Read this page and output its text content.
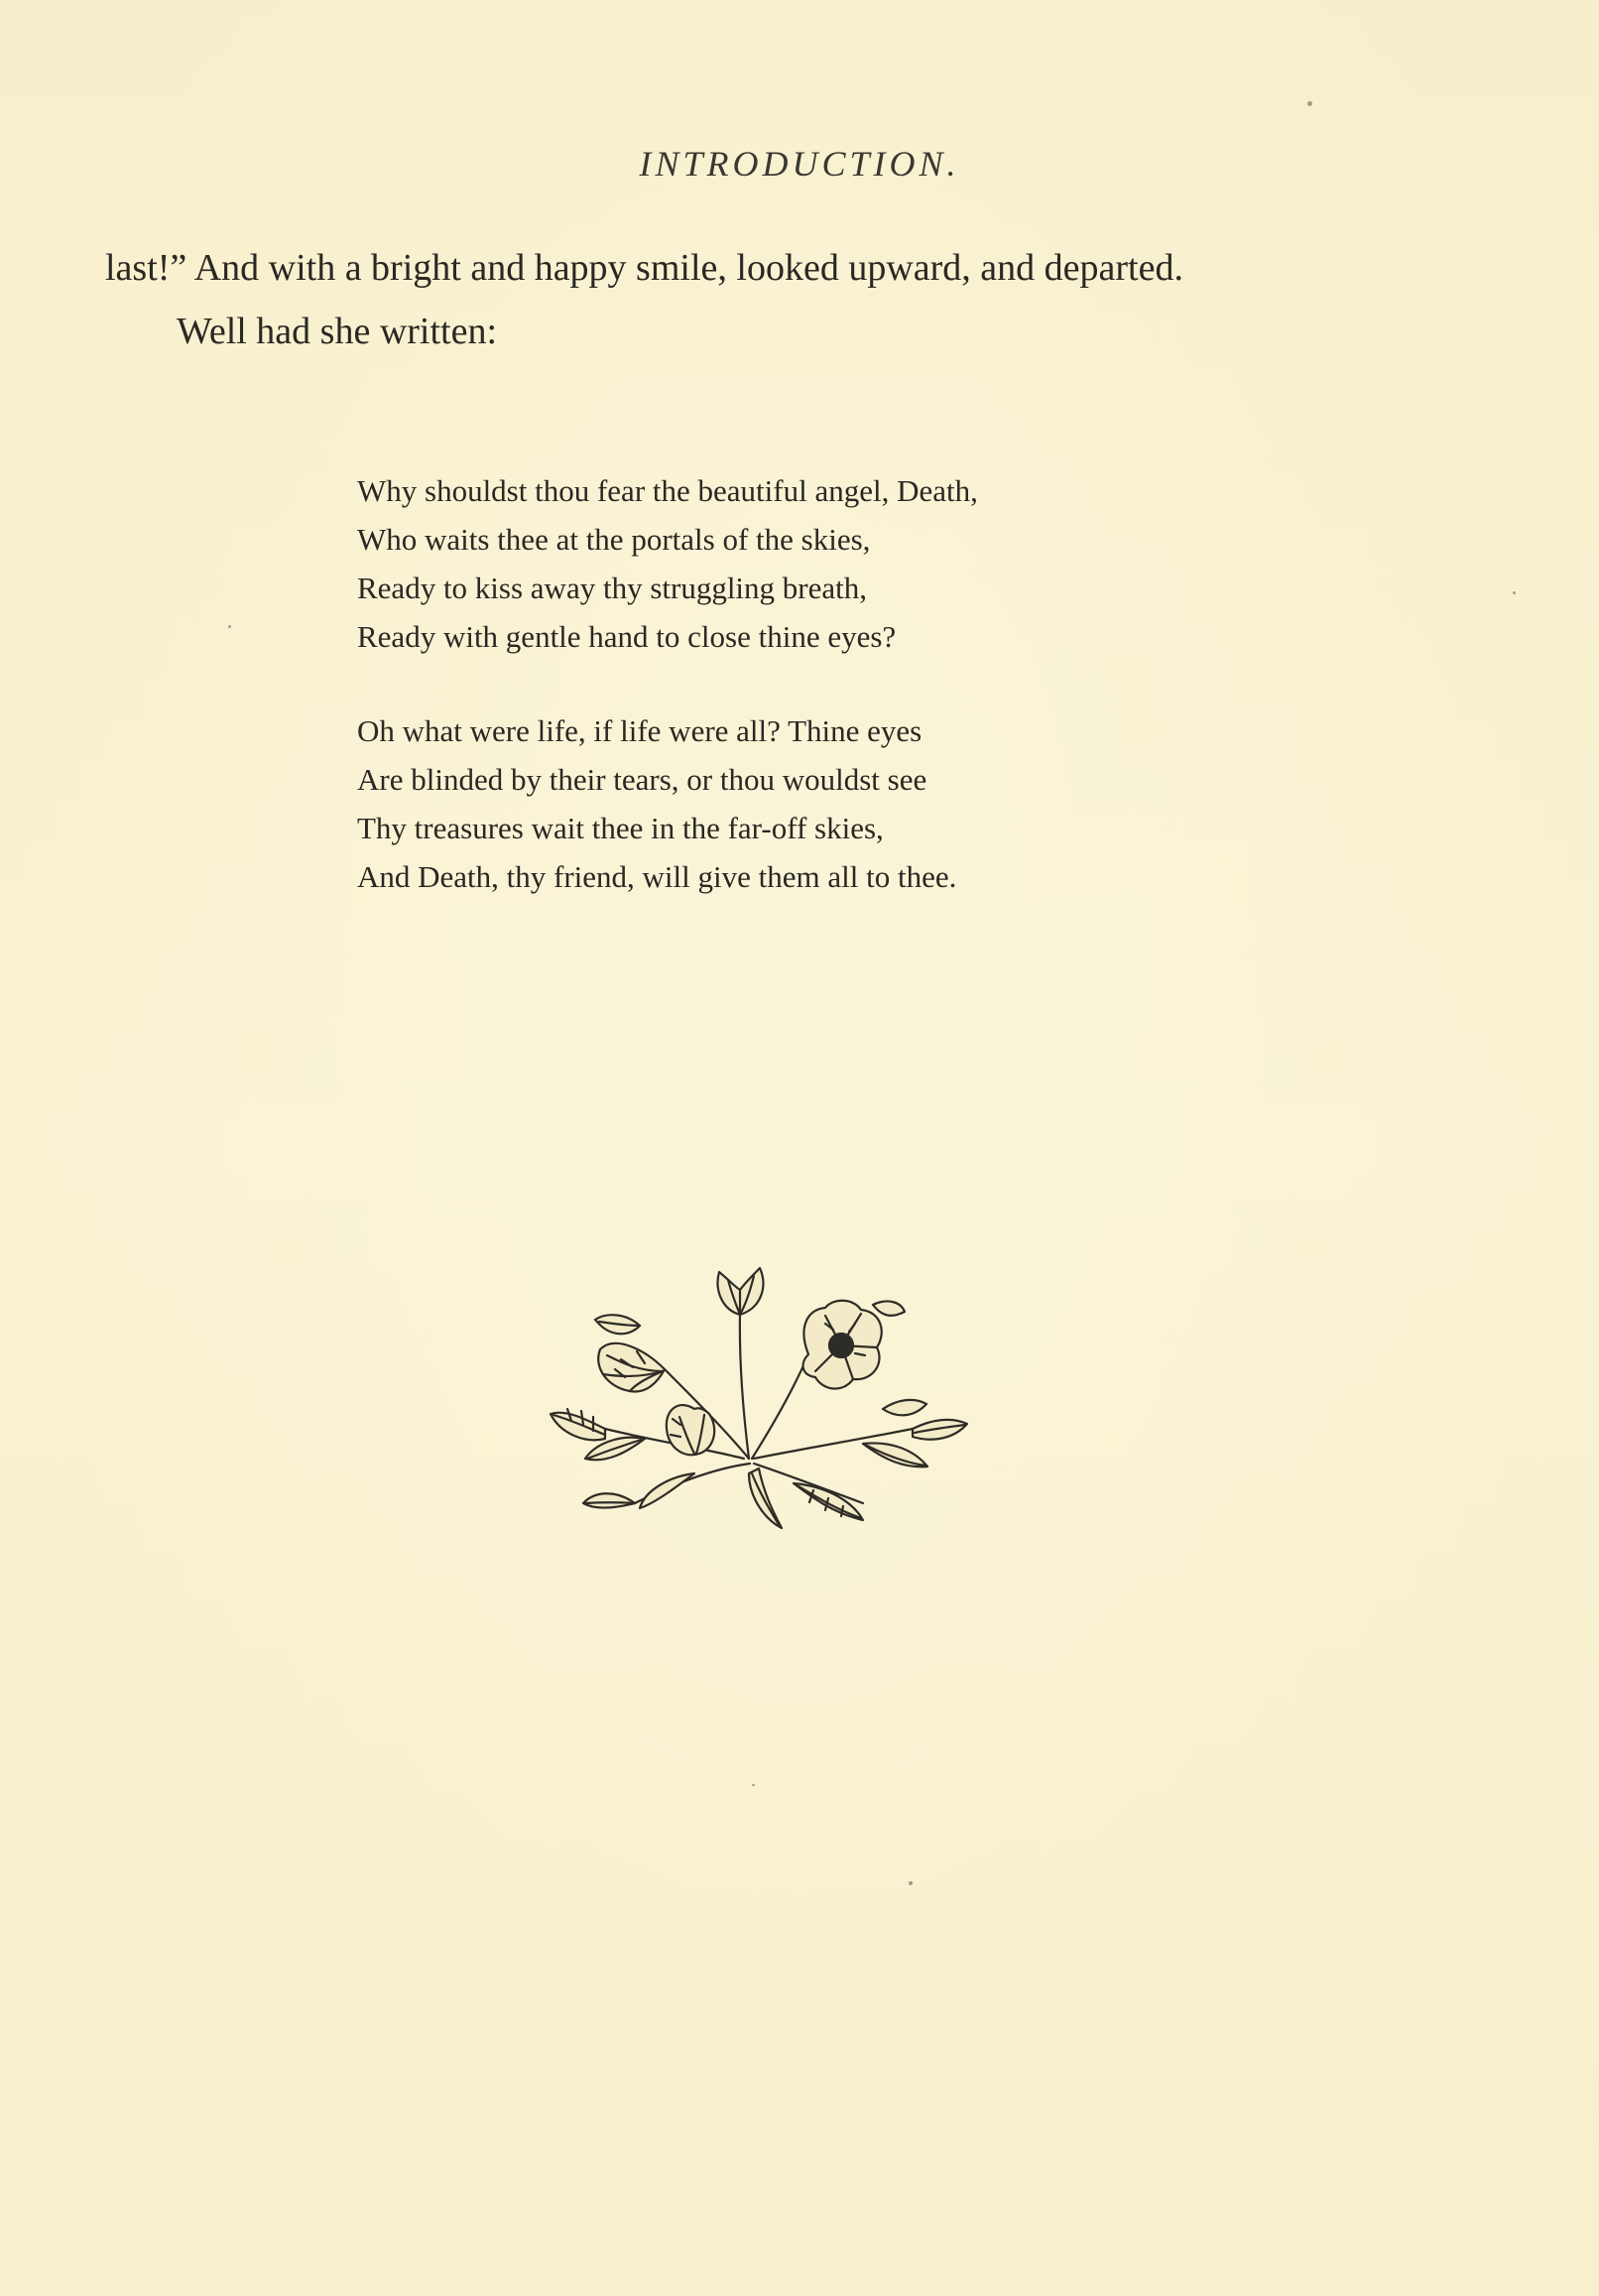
INTRODUCTION.

last!” And with a bright and happy smile, looked upward, and departed.

Well had she written:

Why shouldst thou fear the beautiful angel, Death,
Who waits thee at the portals of the skies,
Ready to kiss away thy struggling breath,
Ready with gentle hand to close thine eyes?
Oh what were life, if life were all? Thine eyes
Are blinded by their tears, or thou wouldst see
Thy treasures wait thee in the far-off skies,
And Death, thy friend, will give them all to thee.
